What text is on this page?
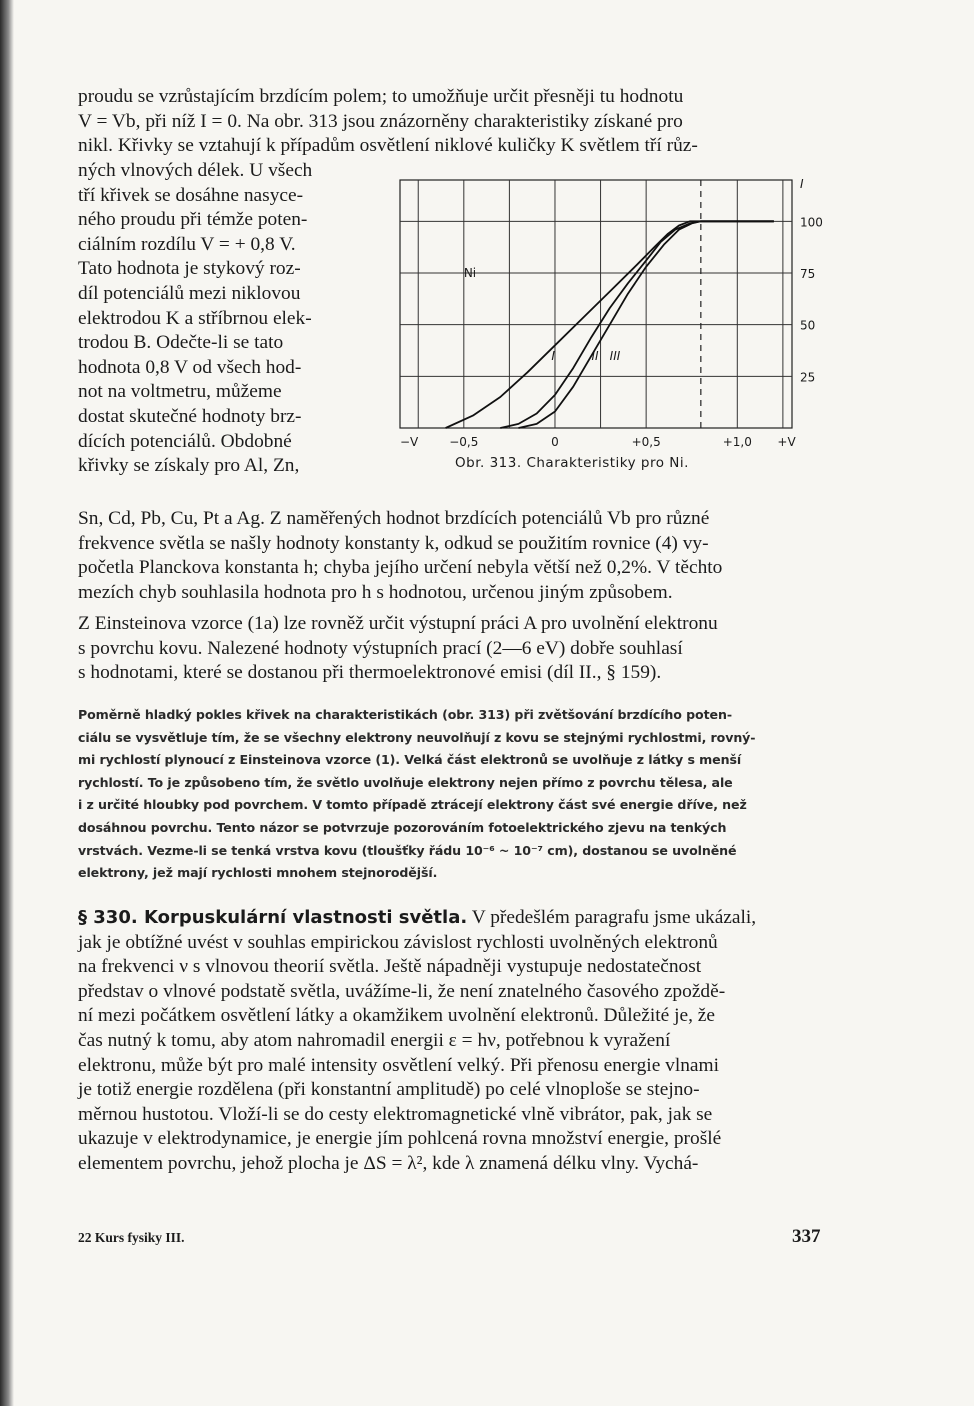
proudu se vzrůstajícím brzdícím polem; to umožňuje určit přesněji tu hodnotu
V = Vb, při níž I = 0. Na obr. 313 jsou znázorněny charakteristiky získané pro
nikl. Křivky se vztahují k případům osvětlení niklové kuličky K světlem tří růz-

ných vlnových délek. U všech
tří křivek se dosáhne nasyce-
ného proudu při témže poten-
ciálním rozdílu V = + 0,8 V.
Tato hodnota je stykový roz-
díl potenciálů mezi niklovou
elektrodou K a stříbrnou elek-
trodou B. Odečte-li se tato
hodnota 0,8 V od všech hod-
not na voltmetru, můžeme
dostat skutečné hodnoty brz-
dících potenciálů. Obdobné
křivky se získaly pro Al, Zn,

I	II III
Ni
I
100
75
50
25
−V	−0,5	0	+0,5	+1,0 +V
Obr. 313. Charakteristiky pro Ni.

Sn, Cd, Pb, Cu, Pt a Ag. Z naměřených hodnot brzdících potenciálů Vb pro různé
frekvence světla se našly hodnoty konstanty k, odkud se použitím rovnice (4) vy-
početla Planckova konstanta h; chyba jejího určení nebyla větší než 0,2%. V těchto
mezích chyb souhlasila hodnota pro h s hodnotou, určenou jiným způsobem.

Z Einsteinova vzorce (1a) lze rovněž určit výstupní práci A pro uvolnění elektronu
s povrchu kovu. Nalezené hodnoty výstupních prací (2—6 eV) dobře souhlasí
s hodnotami, které se dostanou při thermoelektronové emisi (díl II., § 159).

Poměrně hladký pokles křivek na charakteristikách (obr. 313) při zvětšování brzdícího poten-
ciálu se vysvětluje tím, že se všechny elektrony neuvolňují z kovu se stejnými rychlostmi, rovný-
mi rychlostí plynoucí z Einsteinova vzorce (1). Velká část elektronů se uvolňuje z látky s menší
rychlostí. To je způsobeno tím, že světlo uvolňuje elektrony nejen přímo z povrchu tělesa, ale
i z určité hloubky pod povrchem. V tomto případě ztrácejí elektrony část své energie dříve, než
dosáhnou povrchu. Tento názor se potvrzuje pozorováním fotoelektrického zjevu na tenkých
vrstvách. Vezme-li se tenká vrstva kovu (tloušťky řádu 10⁻⁶ ~ 10⁻⁷ cm), dostanou se uvolněné
elektrony, jež mají rychlosti mnohem stejnorodější.

§ 330. Korpuskulární vlastnosti světla. V předešlém paragrafu jsme ukázali,
jak je obtížné uvést v souhlas empirickou závislost rychlosti uvolněných elektronů
na frekvenci ν s vlnovou theorií světla. Ještě nápadněji vystupuje nedostatečnost
představ o vlnové podstatě světla, uvážíme-li, že není znatelného časového zpoždě-
ní mezi počátkem osvětlení látky a okamžikem uvolnění elektronů. Důležité je, že
čas nutný k tomu, aby atom nahromadil energii ε = hν, potřebnou k vyražení
elektronu, může být pro malé intensity osvětlení velký. Při přenosu energie vlnami
je totiž energie rozdělena (při konstantní amplitudě) po celé vlnoploše se stejno-
měrnou hustotou. Vloží-li se do cesty elektromagnetické vlně vibrátor, pak, jak se
ukazuje v elektrodynamice, je energie jím pohlcená rovna množství energie, prošlé
elementem povrchu, jehož plocha je ΔS = λ², kde λ znamená délku vlny. Vychá-

22 Kurs fysiky III.	337
